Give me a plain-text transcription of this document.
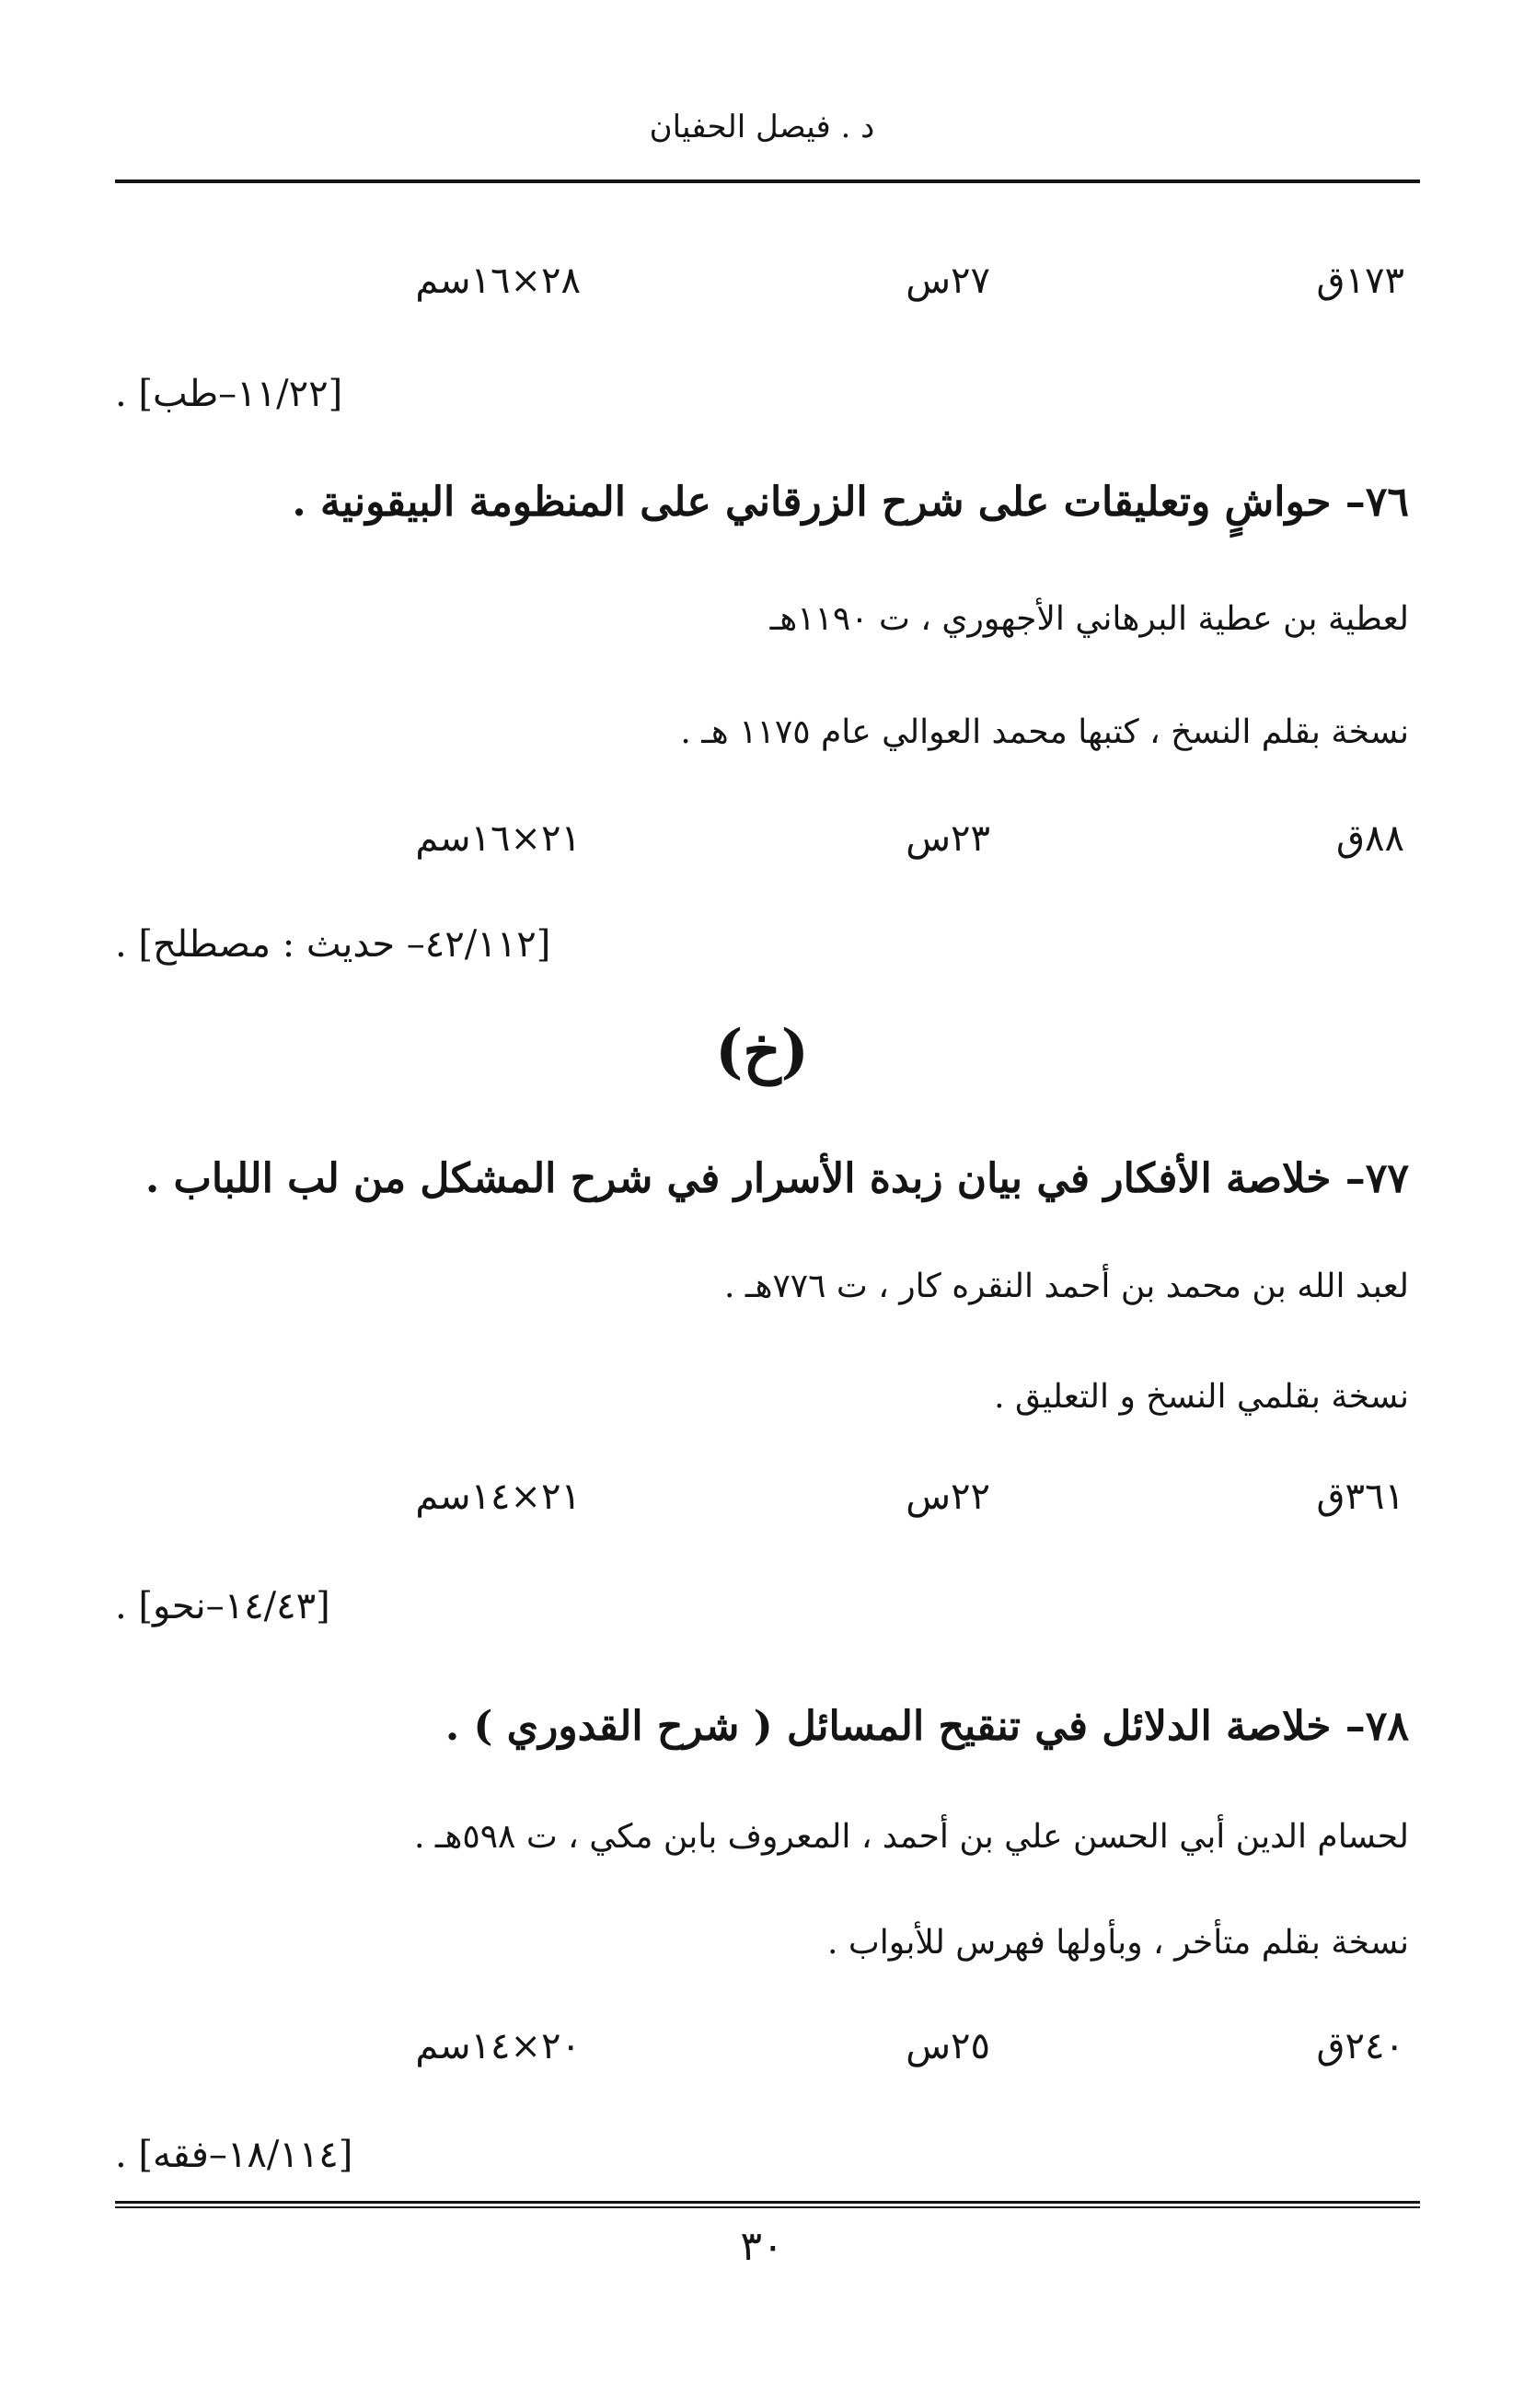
د . فيصل الحفيان
١٧٣ق
٢٧س
٢٨×١٦سم
[١١/٢٢–طب] .
٧٦– حواشٍ وتعليقات على شرح الزرقاني على المنظومة البيقونية .
لعطية بن عطية البرهاني الأجهوري ، ت ١١٩٠هـ
نسخة بقلم النسخ ، كتبها محمد العوالي عام ١١٧٥ هـ .
٨٨ق
٢٣س
٢١×١٦سم
[٤٢/١١٢– حديث : مصطلح] .
(خ)
٧٧– خلاصة الأفكار في بيان زبدة الأسرار في شرح المشكل من لب اللباب .
لعبد الله بن محمد بن أحمد النقره كار ، ت ٧٧٦هـ .
نسخة بقلمي النسخ و التعليق .
٣٦١ق
٢٢س
٢١×١٤سم
[١٤/٤٣–نحو] .
٧٨– خلاصة الدلائل في تنقيح المسائل ( شرح القدوري ) .
لحسام الدين أبي الحسن علي بن أحمد ، المعروف بابن مكي ، ت ٥٩٨هـ .
نسخة بقلم متأخر ، وبأولها فهرس للأبواب .
٢٤٠ق
٢٥س
٢٠×١٤سم
[١٨/١١٤–فقه] .
٣٠
